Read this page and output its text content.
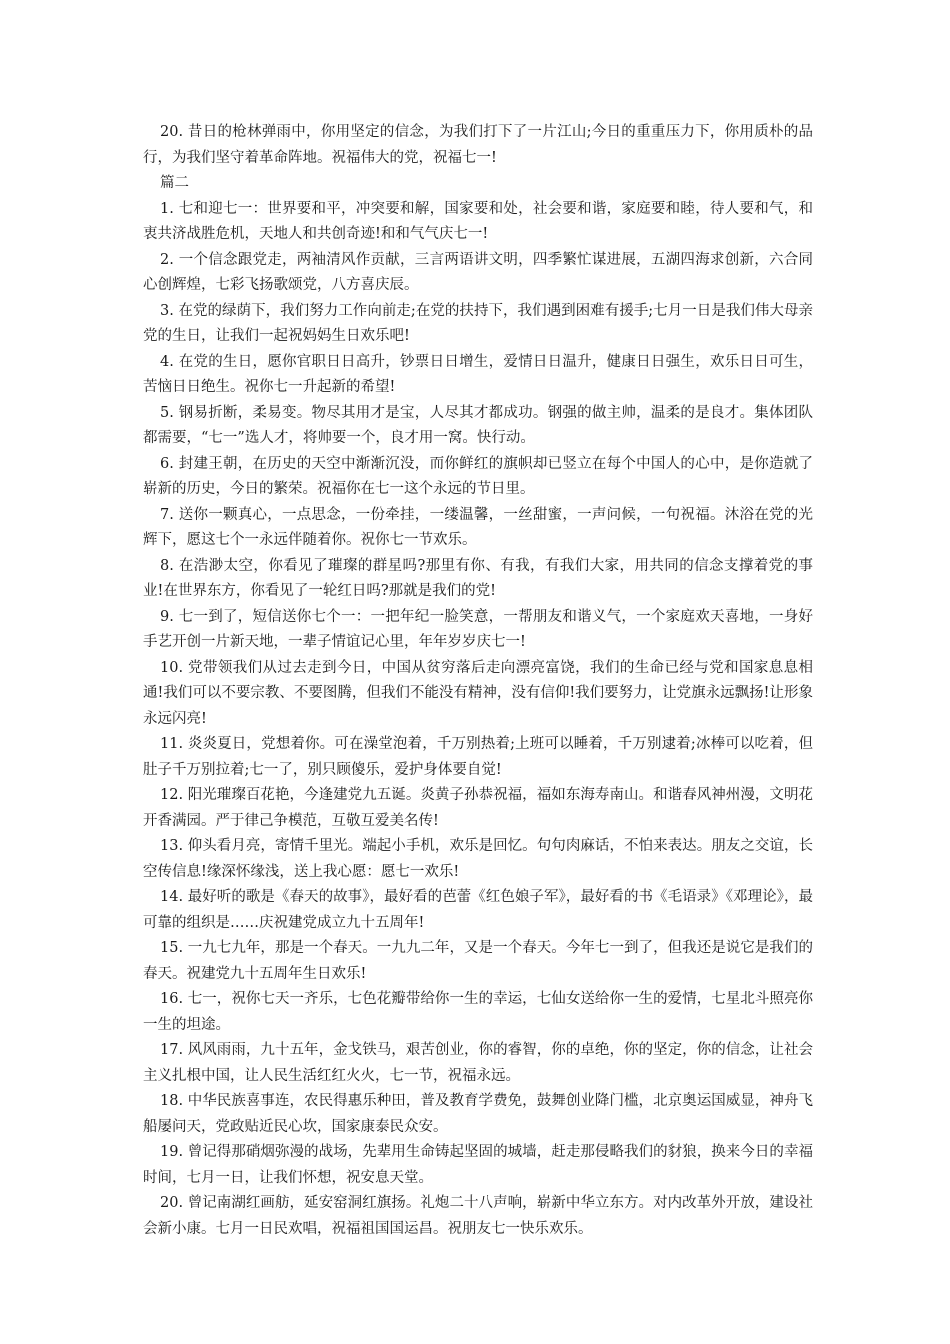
20. 昔日的枪林弹雨中，你用坚定的信念，为我们打下了一片江山;今日的重重压力下，你用质朴的品行，为我们坚守着革命阵地。祝福伟大的党，祝福七一!

篇二

1. 七和迎七一：世界要和平，冲突要和解，国家要和处，社会要和谐，家庭要和睦，待人要和气，和衷共济战胜危机，天地人和共创奇迹!和和气气庆七一!

2. 一个信念跟党走，两袖清风作贡献，三言两语讲文明，四季繁忙谋进展，五湖四海求创新，六合同心创辉煌，七彩飞扬歌颂党，八方喜庆辰。

3. 在党的绿荫下，我们努力工作向前走;在党的扶持下，我们遇到困难有援手;七月一日是我们伟大母亲党的生日，让我们一起祝妈妈生日欢乐吧!

4. 在党的生日，愿你官职日日高升，钞票日日增生，爱情日日温升，健康日日强生，欢乐日日可生，苦恼日日绝生。祝你七一升起新的希望!

5. 钢易折断，柔易变。物尽其用才是宝，人尽其才都成功。钢强的做主帅，温柔的是良才。集体团队都需要，“七一”选人才，将帅要一个，良才用一窝。快行动。

6. 封建王朝，在历史的天空中渐渐沉没，而你鲜红的旗帜却已竖立在每个中国人的心中，是你造就了崭新的历史，今日的繁荣。祝福你在七一这个永远的节日里。

7. 送你一颗真心，一点思念，一份牵挂，一缕温馨，一丝甜蜜，一声问候，一句祝福。沐浴在党的光辉下，愿这七个一永远伴随着你。祝你七一节欢乐。

8. 在浩渺太空，你看见了璀璨的群星吗?那里有你、有我，有我们大家，用共同的信念支撑着党的事业!在世界东方，你看见了一轮红日吗?那就是我们的党!

9. 七一到了，短信送你七个一：一把年纪一脸笑意，一帮朋友和谐义气，一个家庭欢天喜地，一身好手艺开创一片新天地，一辈子情谊记心里，年年岁岁庆七一!

10. 党带领我们从过去走到今日，中国从贫穷落后走向漂亮富饶，我们的生命已经与党和国家息息相通!我们可以不要宗教、不要图腾，但我们不能没有精神，没有信仰!我们要努力，让党旗永远飘扬!让形象永远闪亮!

11. 炎炎夏日，党想着你。可在澡堂泡着，千万别热着;上班可以睡着，千万别逮着;冰棒可以吃着，但肚子千万别拉着;七一了，别只顾傻乐，爱护身体要自觉!

12. 阳光璀璨百花艳，今逢建党九五诞。炎黄子孙恭祝福，福如东海寿南山。和谐春风神州漫，文明花开香满园。严于律己争模范，互敬互爱美名传!

13. 仰头看月亮，寄情千里光。端起小手机，欢乐是回忆。句句肉麻话，不怕来表达。朋友之交谊，长空传信息!缘深怀缘浅，送上我心愿：愿七一欢乐!

14. 最好听的歌是《春天的故事》，最好看的芭蕾《红色娘子军》，最好看的书《毛语录》《邓理论》，最可靠的组织是……庆祝建党成立九十五周年!

15. 一九七九年，那是一个春天。一九九二年，又是一个春天。今年七一到了，但我还是说它是我们的春天。祝建党九十五周年生日欢乐!

16. 七一，祝你七天一齐乐，七色花瓣带给你一生的幸运，七仙女送给你一生的爱情，七星北斗照亮你一生的坦途。

17. 风风雨雨，九十五年，金戈铁马，艰苦创业，你的睿智，你的卓绝，你的坚定，你的信念，让社会主义扎根中国，让人民生活红红火火，七一节，祝福永远。

18. 中华民族喜事连，农民得惠乐种田，普及教育学费免，鼓舞创业降门槛，北京奥运国威显，神舟飞船屡问天，党政贴近民心坎，国家康泰民众安。

19. 曾记得那硝烟弥漫的战场，先辈用生命铸起坚固的城墙，赶走那侵略我们的豺狼，换来今日的幸福时间，七月一日，让我们怀想，祝安息天堂。

20. 曾记南湖红画舫，延安窑洞红旗扬。礼炮二十八声响，崭新中华立东方。对内改革外开放，建设社会新小康。七月一日民欢唱，祝福祖国国运昌。祝朋友七一快乐欢乐。
